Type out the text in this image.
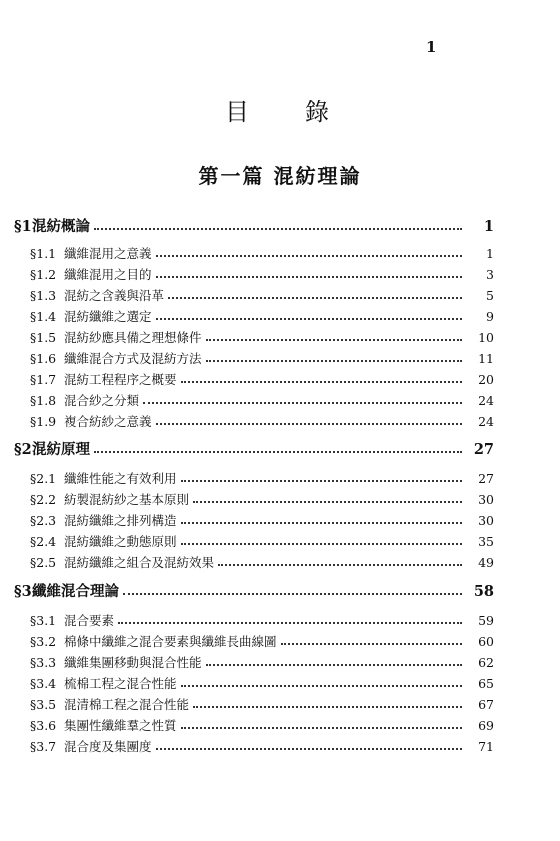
1
目錄
第一篇 混紡理論
§1 混紡概論	1
§1.1 纖維混用之意義	1
§1.2 纖維混用之目的	3
§1.3 混紡之含義與沿革	5
§1.4 混紡纖維之選定	9
§1.5 混紡紗應具備之理想條件	10
§1.6 纖維混合方式及混紡方法	11
§1.7 混紡工程程序之概要	20
§1.8 混合紗之分類	24
§1.9 複合紡紗之意義	24
§2 混紡原理	27
§2.1 纖維性能之有效利用	27
§2.2 紡製混紡紗之基本原則	30
§2.3 混紡纖維之排列構造	30
§2.4 混紡纖維之動態原則	35
§2.5 混紡纖維之組合及混紡效果	49
§3 纖維混合理論	58
§3.1 混合要素	59
§3.2 棉條中纖維之混合要素與纖維長曲線圖	60
§3.3 纖維集團移動與混合性能	62
§3.4 梳棉工程之混合性能	65
§3.5 混清棉工程之混合性能	67
§3.6 集團性纖維羣之性質	69
§3.7 混合度及集團度	71
